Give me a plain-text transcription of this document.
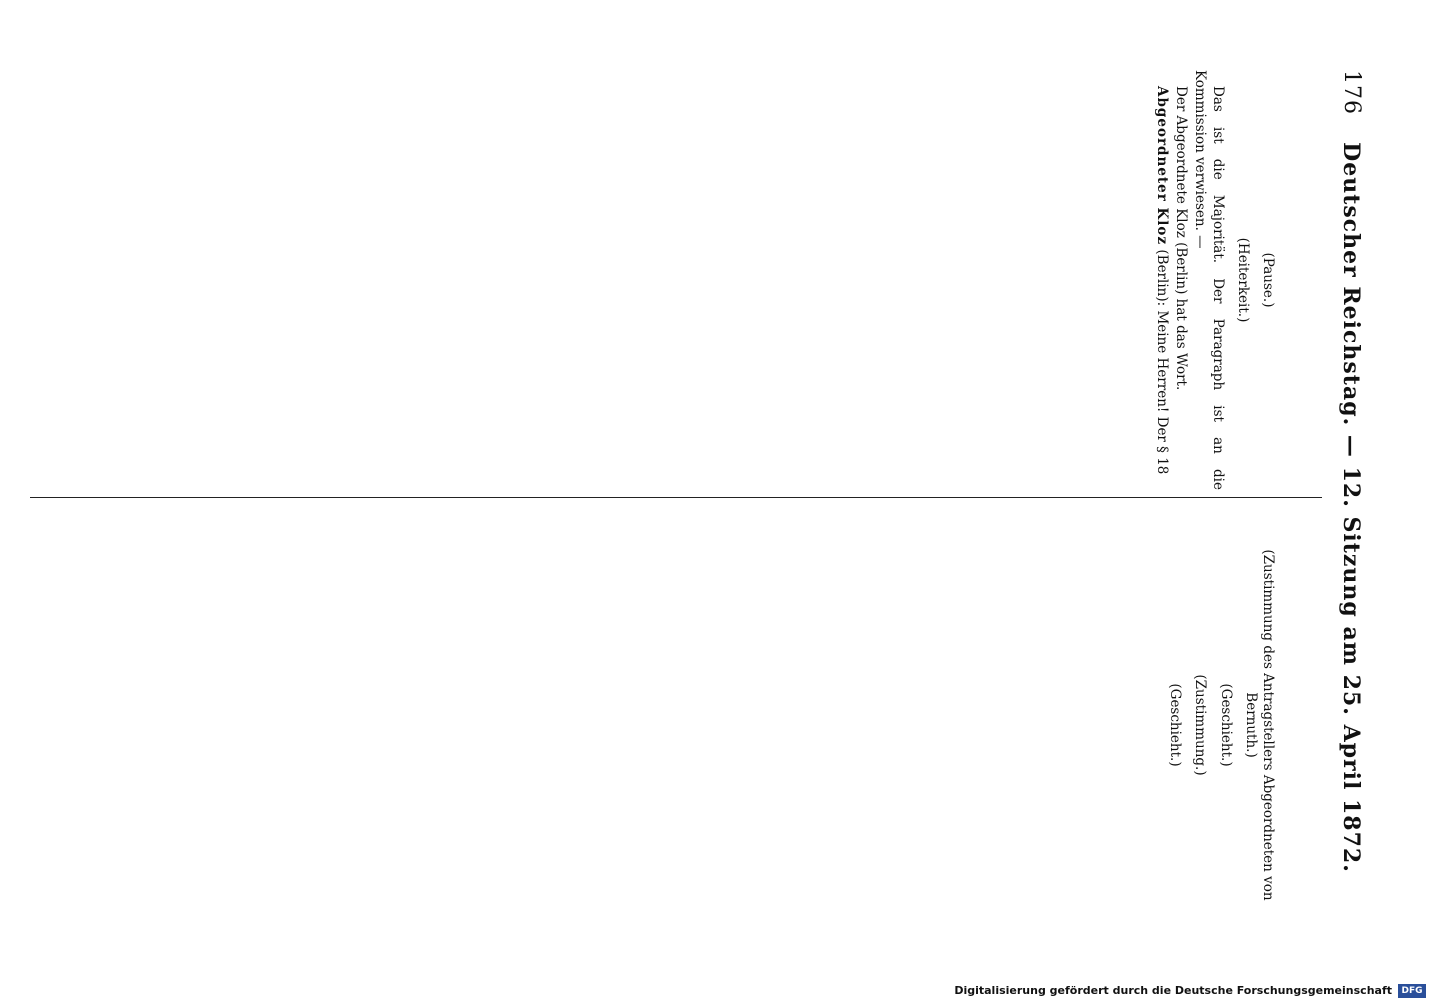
176
Deutscher Reichstag. — 12. Sitzung am 25. April 1872.

(Pause.)

(Heiterkeit.)

Das ist die Majorität. Der Paragraph ist an die Kommission verwiesen. —

Der Abgeordnete Kloz (Berlin) hat das Wort.

Abgeordneter Kloz (Berlin): Meine Herren! Der § 18

(Zustimmung des Antragstellers Abgeordneten von Bernuth.)

(Geschieht.)

(Zustimmung.)

(Geschieht.)

Digitalisierung gefördert durch die Deutsche Forschungsgemeinschaft	DFG
